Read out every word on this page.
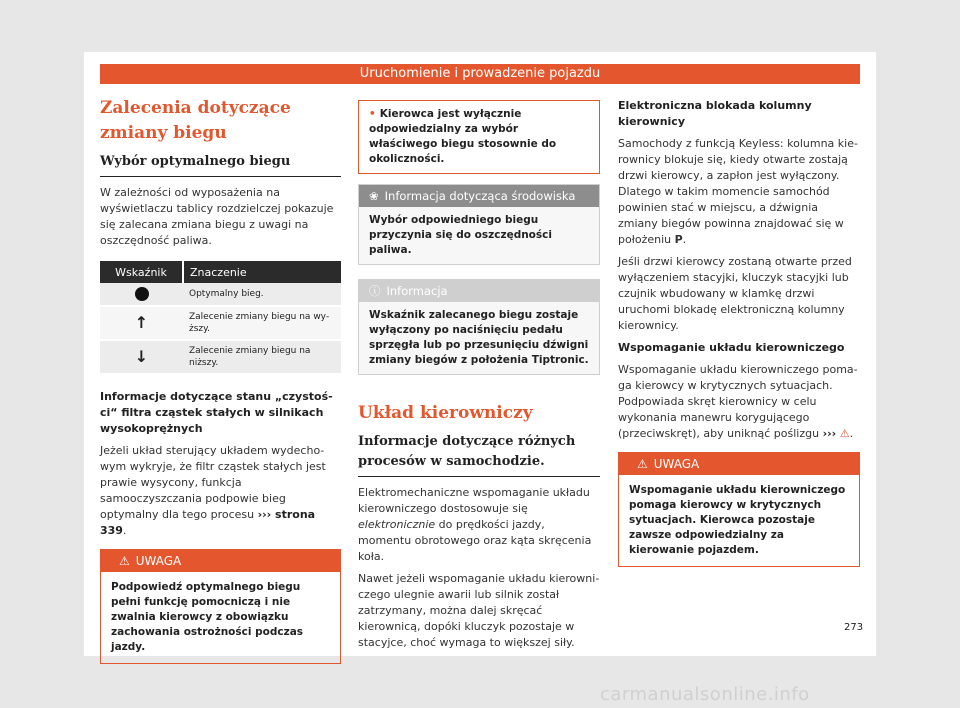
Uruchomienie i prowadzenie pojazdu
Zalecenia dotyczące zmiany biegu
Wybór optymalnego biegu

W zależności od wyposażenia na wyświetlaczu tablicy rozdzielczej pokazuje się zalecana zmiana biegu z uwagi na oszczędność paliwa.

Wskaźnik	Znaczenie
	Optymalny bieg.
↑	Zalecenie zmiany biegu na wyższy.
↓	Zalecenie zmiany biegu na niższy.

Informacje dotyczące stanu „czystości“ filtra cząstek stałych w silnikach wysokoprężnych

Jeżeli układ sterujący układem wydechowym wykryje, że filtr cząstek stałych jest prawie wysycony, funkcja samooczyszczania podpowie bieg optymalny dla tego procesu ››› strona 339.

⚠ UWAGA
Podpowiedź optymalnego biegu pełni funkcję pomocniczą i nie zwalnia kierowcy z obowiązku zachowania ostrożności podczas jazdy.
• Kierowca jest wyłącznie odpowiedzialny za wybór właściwego biegu stosownie do okoliczności.
❀ Informacja dotycząca środowiska
Wybór odpowiedniego biegu przyczynia się do oszczędności paliwa.
ⓘ Informacja
Wskaźnik zalecanego biegu zostaje wyłączony po naciśnięciu pedału sprzęgła lub po przesunięciu dźwigni zmiany biegów z położenia Tiptronic.
Układ kierowniczy
Informacje dotyczące różnych procesów w samochodzie.

Elektromechaniczne wspomaganie układu kierowniczego dostosowuje się elektronicznie do prędkości jazdy, momentu obrotowego oraz kąta skręcenia koła.

Nawet jeżeli wspomaganie układu kierowniczego ulegnie awarii lub silnik został zatrzymany, można dalej skręcać kierownicą, dopóki kluczyk pozostaje w stacyjce, choć wymaga to większej siły.

Elektroniczna blokada kolumny kierownicy

Samochody z funkcją Keyless: kolumna kierownicy blokuje się, kiedy otwarte zostają drzwi kierowcy, a zapłon jest wyłączony. Dlatego w takim momencie samochód powinien stać w miejscu, a dźwignia zmiany biegów powinna znajdować się w położeniu P.

Jeśli drzwi kierowcy zostaną otwarte przed wyłączeniem stacyjki, kluczyk stacyjki lub czujnik wbudowany w klamkę drzwi uruchomi blokadę elektroniczną kolumny kierownicy.

Wspomaganie układu kierowniczego

Wspomaganie układu kierowniczego pomaga kierowcy w krytycznych sytuacjach. Podpowiada skręt kierownicy w celu wykonania manewru korygującego (przeciwskręt), aby uniknąć poślizgu ››› ⚠.

⚠ UWAGA
Wspomaganie układu kierowniczego pomaga kierowcy w krytycznych sytuacjach. Kierowca pozostaje zawsze odpowiedzialny za kierowanie pojazdem.
273
carmanualsonline.info
